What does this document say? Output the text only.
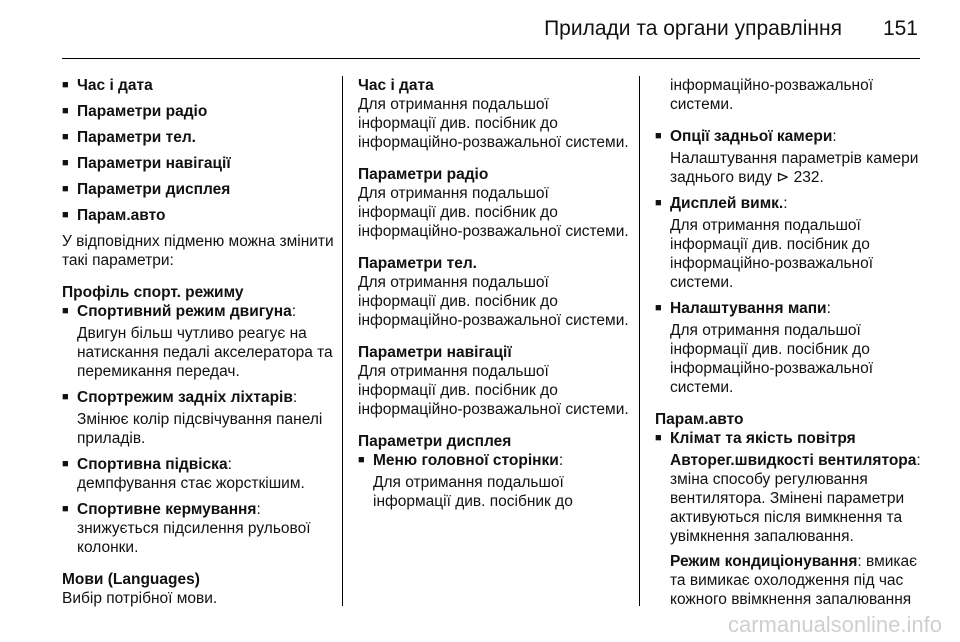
Прилади та органи управління 151
■ Час і дата
■ Параметри радіо
■ Параметри тел.
■ Параметри навігації
■ Параметри дисплея
■ Парам.авто
У відповідних підменю можна змінити такі параметри:
Профіль спорт. режиму
■ Спортивний режим двигуна:
Двигун більш чутливо реагує на натискання педалі акселератора та перемикання передач.
■ Спортрежим задніх ліхтарів:
Змінює колір підсвічування панелі приладів.
■ Спортивна підвіска:
демпфування стає жорсткішим.
■ Спортивне кермування:
знижується підсилення рульової колонки.
Мови (Languages)
Вибір потрібної мови.
Час і дата
Для отримання подальшої інформації див. посібник до інформаційно-розважальної системи.
Параметри радіо
Для отримання подальшої інформації див. посібник до інформаційно-розважальної системи.
Параметри тел.
Для отримання подальшої інформації див. посібник до інформаційно-розважальної системи.
Параметри навігації
Для отримання подальшої інформації див. посібник до інформаційно-розважальної системи.
Параметри дисплея
■ Меню головної сторінки:
Для отримання подальшої інформації див. посібник до
інформаційно-розважальної системи.
■ Опції задньої камери:
Налаштування параметрів камери заднього виду ⊳ 232.
■ Дисплей вимк.:
Для отримання подальшої інформації див. посібник до інформаційно-розважальної системи.
■ Налаштування мапи:
Для отримання подальшої інформації див. посібник до інформаційно-розважальної системи.
Парам.авто
■ Клімат та якість повітря
Авторег.швидкості вентилятора: зміна способу регулювання вентилятора. Змінені параметри активуються після вимкнення та увімкнення запалювання.
Режим кондиціонування: вмикає та вимикає охолодження під час кожного ввімкнення запалювання
carmanualsonline.info
